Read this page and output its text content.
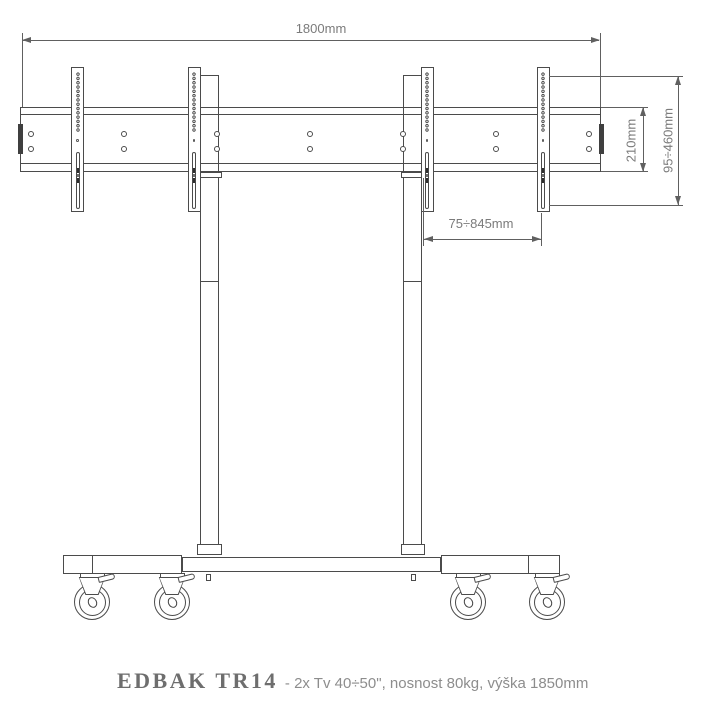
1800mm
75÷845mm
210mm 95÷460mm
EDBAK TR14 - 2x Tv 40÷50", nosnost 80kg, výška 1850mm
